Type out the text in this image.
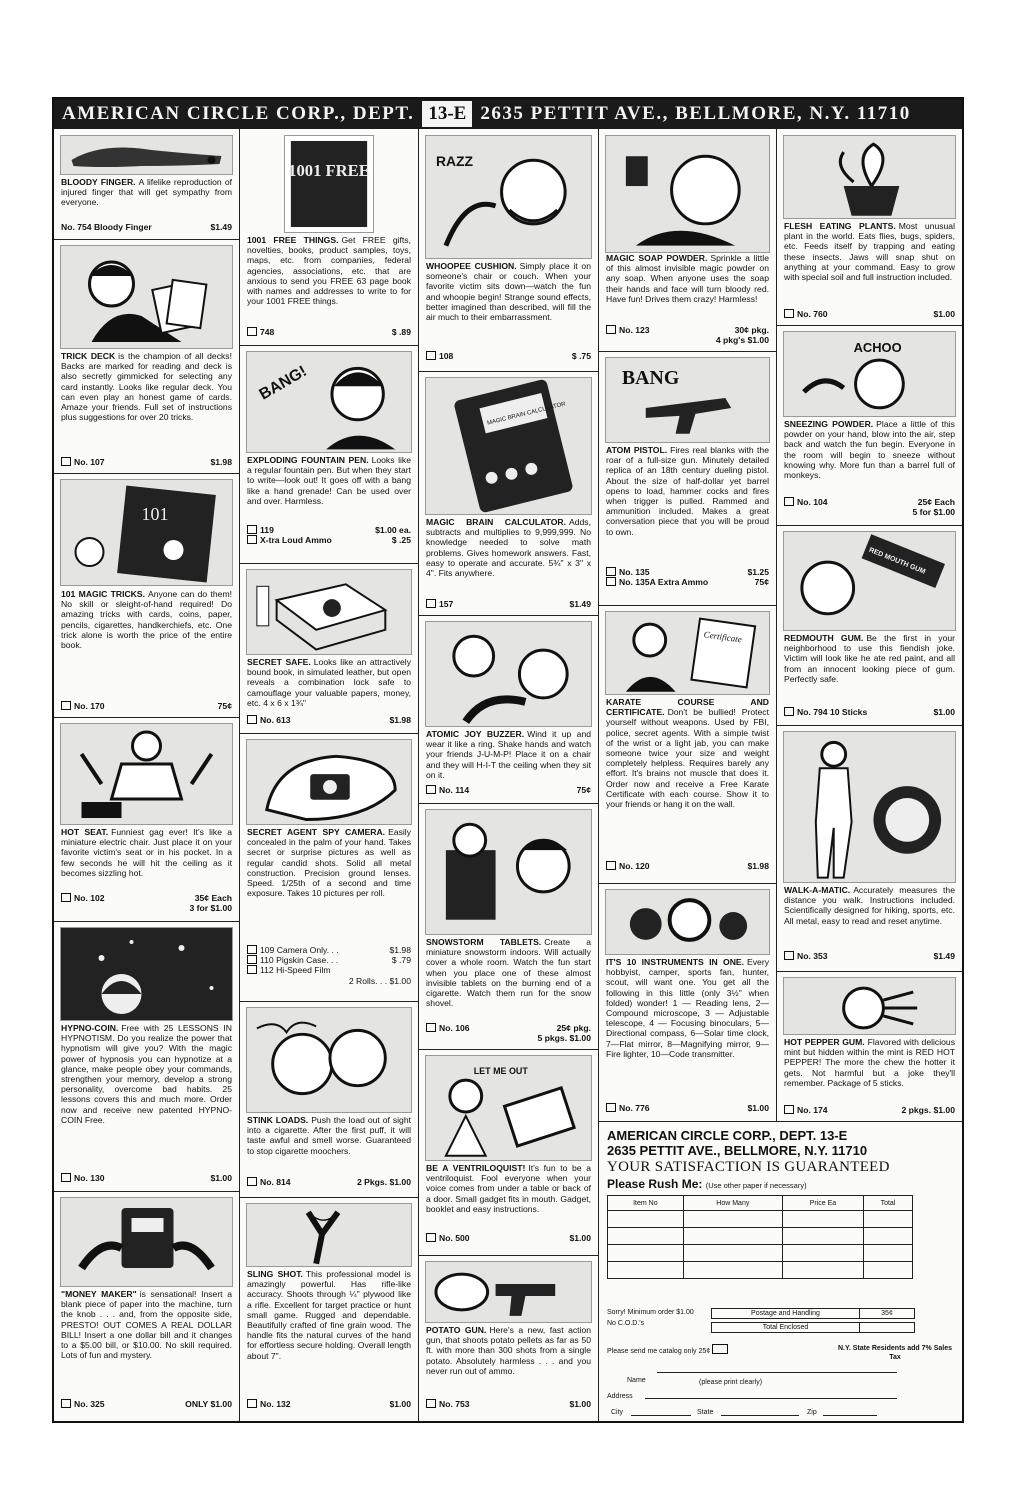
AMERICAN CIRCLE CORP., DEPT. 13-E 2635 PETTIT AVE., BELLMORE, N.Y. 11710
BLOODY FINGER. A lifelike reproduction of injured finger that will get sympathy from everyone.
No. 754 Bloody Finger	$1.49
TRICK DECK is the champion of all decks! Backs are marked for reading and deck is also secretly gimmicked for selecting any card instantly. Looks like regular deck. You can even play an honest game of cards. Amaze your friends. Full set of instructions plus suggestions for over 20 tricks.
No. 107	$1.98
101
101 MAGIC TRICKS. Anyone can do them! No skill or sleight-of-hand required! Do amazing tricks with cards, coins, paper, pencils, cigarettes, handkerchiefs, etc. One trick alone is worth the price of the entire book.
No. 170	75¢
HOT SEAT. Funniest gag ever! It's like a miniature electric chair. Just place it on your favorite victim's seat or in his pocket. In a few seconds he will hit the ceiling as it becomes sizzling hot.
No. 102	35¢ Each
3 for $1.00
HYPNO-COIN. Free with 25 LESSONS IN HYPNOTISM. Do you realize the power that hypnotism will give you? With the magic power of hypnosis you can hypnotize at a glance, make people obey your commands, strengthen your memory, develop a strong personality, overcome bad habits. 25 lessons covers this and much more. Order now and receive new patented HYPNO-COIN Free.
No. 130	$1.00
"MONEY MAKER" is sensational! Insert a blank piece of paper into the machine, turn the knob . . . and, from the opposite side, PRESTO! OUT COMES A REAL DOLLAR BILL! Insert a one dollar bill and it changes to a $5.00 bill, or $10.00. No skill required. Lots of fun and mystery.
No. 325	ONLY $1.00
1001 FREE
1001 FREE THINGS. Get FREE gifts, novelties, books, product samples, toys, maps, etc. from companies, federal agencies, associations, etc. that are anxious to send you FREE 63 page book with names and addresses to write to for your 1001 FREE things.
748	$ .89
BANG!
EXPLODING FOUNTAIN PEN. Looks like a regular fountain pen. But when they start to write—look out! It goes off with a bang like a hand grenade! Can be used over and over. Harmless.
119	$1.00 ea.
X-tra Loud Ammo	$ .25
SECRET SAFE. Looks like an attractively bound book, in simulated leather, but open reveals a combination lock safe to camouflage your valuable papers, money, etc. 4 x 6 x 1¾"
No. 613	$1.98
SECRET AGENT SPY CAMERA. Easily concealed in the palm of your hand. Takes secret or surprise pictures as well as regular candid shots. Solid all metal construction. Precision ground lenses. Speed. 1/25th of a second and time exposure. Takes 10 pictures per roll.
109 Camera Only. . .	$1.98
110 Pigskin Case. . .	$ .79
112 Hi-Speed Film
2 Rolls. . . $1.00
STINK LOADS. Push the load out of sight into a cigarette. After the first puff, it will taste awful and smell worse. Guaranteed to stop cigarette moochers.
No. 814	2 Pkgs. $1.00
SLING SHOT. This professional model is amazingly powerful. Has rifle-like accuracy. Shoots through ¼" plywood like a rifle. Excellent for target practice or hunt small game. Rugged and dependable. Beautifully crafted of fine grain wood. The handle fits the natural curves of the hand for effortless secure holding. Overall length about 7".
No. 132	$1.00
RAZZ
WHOOPEE CUSHION. Simply place it on someone's chair or couch. When your favorite victim sits down—watch the fun and whoopie begin! Strange sound effects, better imagined than described, will fill the air much to their embarrassment.
108	$ .75
MAGIC BRAIN CALCULATOR
MAGIC BRAIN CALCULATOR. Adds, subtracts and multiplies to 9,999,999. No knowledge needed to solve math problems. Gives homework answers. Fast, easy to operate and accurate. 5¾" x 3" x 4". Fits anywhere.
157	$1.49
ATOMIC JOY BUZZER. Wind it up and wear it like a ring. Shake hands and watch your friends J-U-M-P! Place it on a chair and they will H-I-T the ceiling when they sit on it.
No. 114	75¢
SNOWSTORM TABLETS. Create a miniature snowstorm indoors. Will actually cover a whole room. Watch the fun start when you place one of these almost invisible tablets on the burning end of a cigarette. Watch them run for the snow shovel.
No. 106	25¢ pkg.
5 pkgs. $1.00
LET ME OUT
BE A VENTRILOQUIST! It's fun to be a ventriloquist. Fool everyone when your voice comes from under a table or back of a door. Small gadget fits in mouth. Gadget, booklet and easy instructions.
No. 500	$1.00
POTATO GUN. Here's a new, fast action gun, that shoots potato pellets as far as 50 ft. with more than 300 shots from a single potato. Absolutely harmless . . . and you never run out of ammo.
No. 753	$1.00
MAGIC SOAP POWDER. Sprinkle a little of this almost invisible magic powder on any soap. When anyone uses the soap their hands and face will turn bloody red. Have fun! Drives them crazy! Harmless!
No. 123	30¢ pkg.
4 pkg's $1.00
BANG
ATOM PISTOL. Fires real blanks with the roar of a full-size gun. Minutely detailed replica of an 18th century dueling pistol. About the size of half-dollar yet barrel opens to load, hammer cocks and fires when trigger is pulled. Rammed and ammunition included. Makes a great conversation piece that you will be proud to own.
No. 135	$1.25
No. 135A Extra Ammo	75¢
Certificate
KARATE COURSE AND CERTIFICATE. Don't be bullied! Protect yourself without weapons. Used by FBI, police, secret agents. With a simple twist of the wrist or a light jab, you can make someone twice your size and weight completely helpless. Requires barely any effort. It's brains not muscle that does it. Order now and receive a Free Karate Certificate with each course. Show it to your friends or hang it on the wall.
No. 120	$1.98
IT'S 10 INSTRUMENTS IN ONE. Every hobbyist, camper, sports fan, hunter, scout, will want one. You get all the following in this little (only 3½" when folded) wonder! 1 — Reading lens, 2—Compound microscope, 3 — Adjustable telescope, 4 — Focusing binoculars, 5—Directional compass, 6—Solar time clock, 7—Flat mirror, 8—Magnifying mirror, 9—Fire lighter, 10—Code transmitter.
No. 776	$1.00
FLESH EATING PLANTS. Most unusual plant in the world. Eats flies, bugs, spiders, etc. Feeds itself by trapping and eating these insects. Jaws will snap shut on anything at your command. Easy to grow with special soil and full instruction included.
No. 760	$1.00
ACHOO
SNEEZING POWDER. Place a little of this powder on your hand, blow into the air, step back and watch the fun begin. Everyone in the room will begin to sneeze without knowing why. More fun than a barrel full of monkeys.
No. 104	25¢ Each
5 for $1.00
RED MOUTH GUM
REDMOUTH GUM. Be the first in your neighborhood to use this fiendish joke. Victim will look like he ate red paint, and all from an innocent looking piece of gum. Perfectly safe.
No. 794 10 Sticks	$1.00
WALK-A-MATIC. Accurately measures the distance you walk. Instructions included. Scientifically designed for hiking, sports, etc. All metal, easy to read and reset anytime.
No. 353	$1.49
HOT PEPPER GUM. Flavored with delicious mint but hidden within the mint is RED HOT PEPPER! The more the chew the hotter it gets. Not harmful but a joke they'll remember. Package of 5 sticks.
No. 174	2 pkgs. $1.00
AMERICAN CIRCLE CORP., DEPT. 13-E
2635 PETTIT AVE., BELLMORE, N.Y. 11710
YOUR SATISFACTION IS GUARANTEED
Please Rush Me: (Use other paper if necessary)
Item No	How Many	Price Ea	Total

Sorry! Minimum order $1.00
No C.O.D.'s
Postage and Handling	35¢
Total Enclosed
Please send me catalog only 25¢	N.Y. State Residents add 7% Sales Tax
Name	(please print clearly)
Address
City	State	Zip
